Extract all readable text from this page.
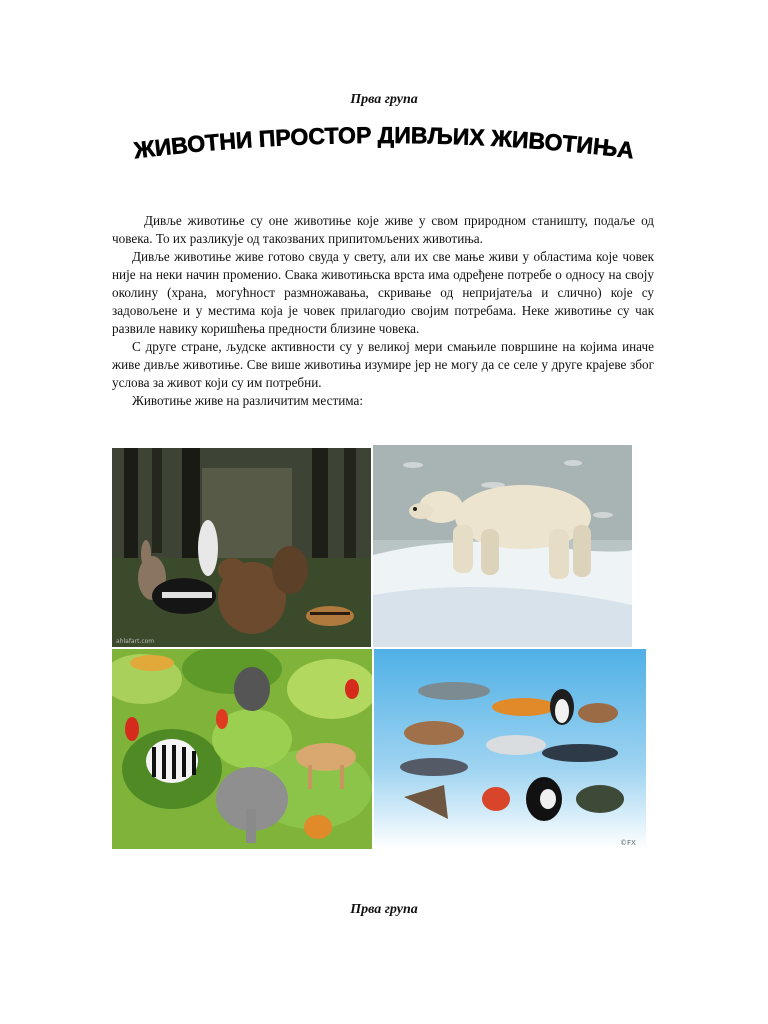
Прва група
ЖИВОТНИ ПРОСТОР ДИВЉИХ ЖИВОТИЊА

Дивље животиње су оне животиње које живе у свом природном станишту, подаље од човека. То их разликује од такозваних припитомљених животиња.

Дивље животиње живе готово свуда у свету, али их све мање живи у областима које човек није на неки начин променио. Свака животињска врста има одређене потребе о односу на своју околину (храна, могућност размножавања, скривање од непријатеља и слично) које су задовољене и у местима која је човек прилагодио својим потребама. Неке животиње су чак развиле навику коришћења предности близине човека.

С друге стране, људске активности су у великој мери смањиле површине на којима иначе живе дивље животиње. Све више животиња изумире јер не могу да се селе у друге крајеве због услова за живот који су им потребни.

Животиње живе на различитим местима:

ahlafart.com
©FX
Прва група
